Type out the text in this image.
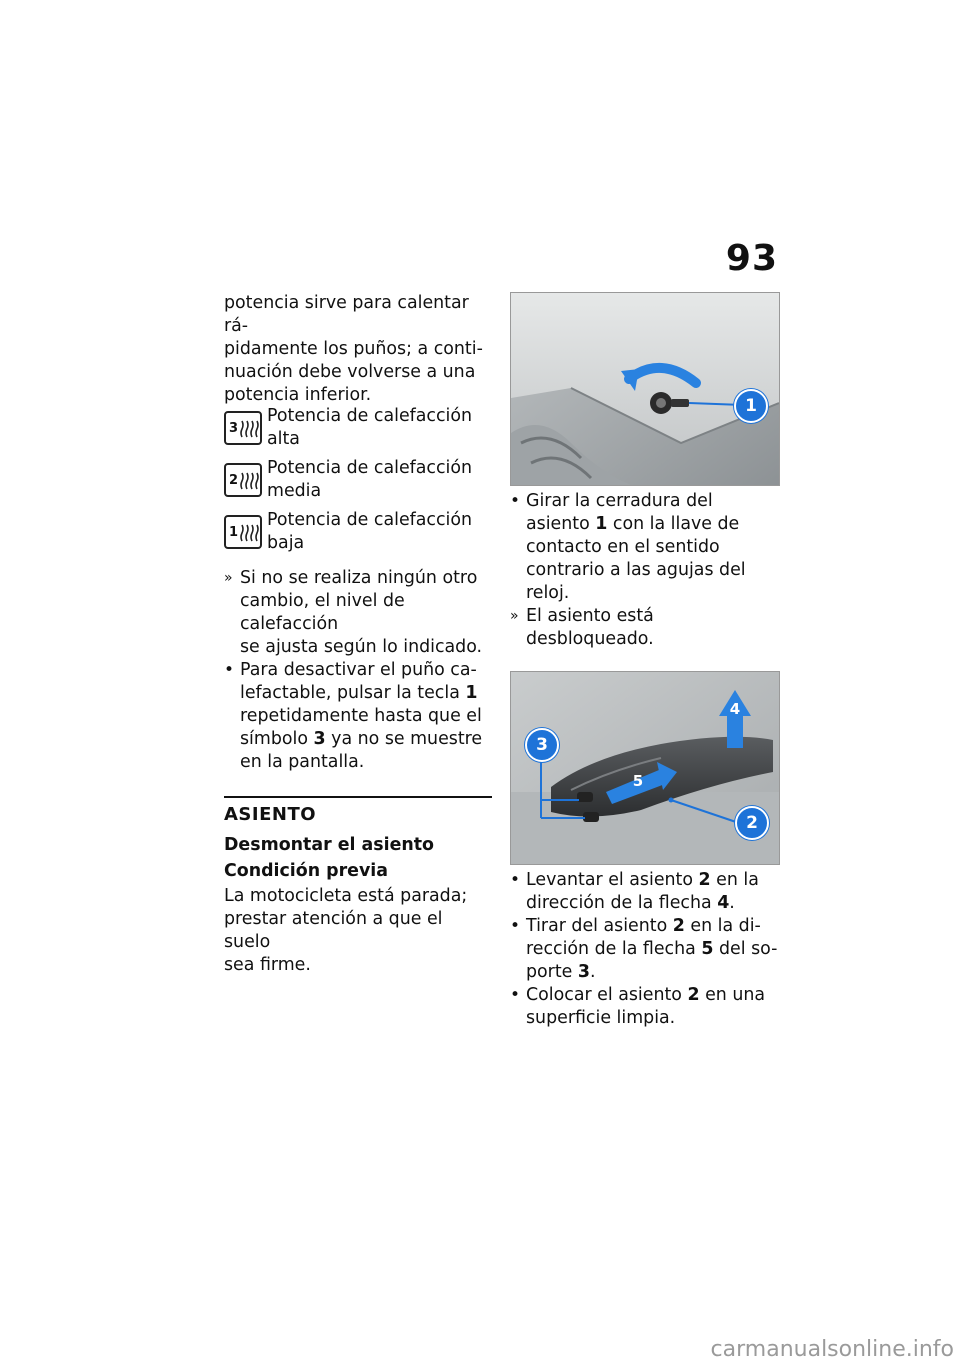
93

potencia sirve para calentar rá-

pidamente los puños; a conti-

nuación debe volverse a una

potencia inferior.

3
Potencia de calefacción
alta
2
Potencia de calefacción
media
1
Potencia de calefacción
baja
» Si no se realiza ningún otro
cambio, el nivel de calefacción
se ajusta según lo indicado.
• Para desactivar el puño ca-
lefactable, pulsar la tecla 1
repetidamente hasta que el
símbolo 3 ya no se muestre
en la pantalla.
ASIENTO
Desmontar el asiento
Condición previa

La motocicleta está parada;

prestar atención a que el suelo

sea firme.

1
• Girar la cerradura del
asiento 1 con la llave de
contacto en el sentido
contrario a las agujas del reloj.
» El asiento está desbloqueado.
3
4
5
2
• Levantar el asiento 2 en la
dirección de la flecha 4.
• Tirar del asiento 2 en la di-
rección de la flecha 5 del so-
porte 3.
• Colocar el asiento 2 en una
superficie limpia.
carmanualsonline.info
